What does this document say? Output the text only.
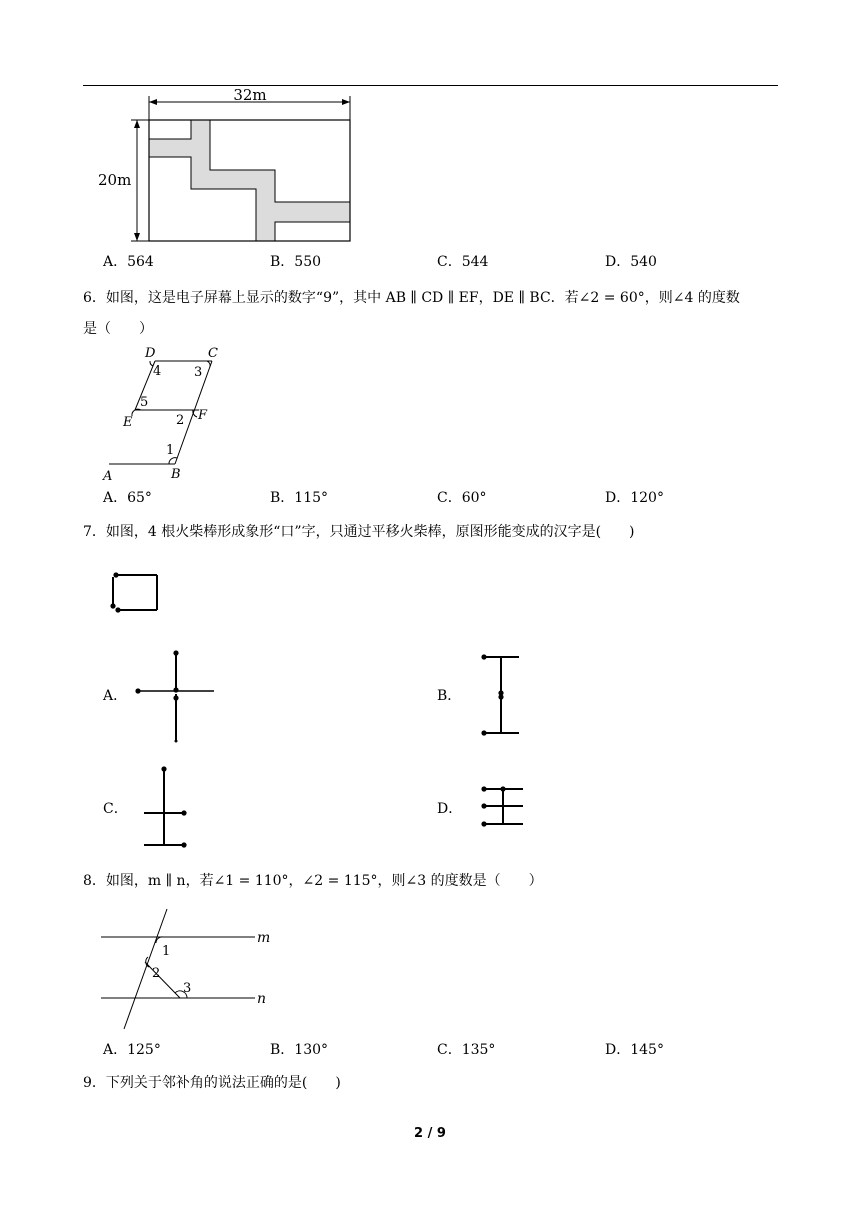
32m
20m
A．564	B．550	C．544	D．540
6．如图，这是电子屏幕上显示的数字“9”，其中 AB ∥ CD ∥ EF，DE ∥ BC．若∠2 = 60°，则∠4 的度数
是（　　）
D	C
E	F
A	B
4	3
5
2
1
A．65°	B．115°	C．60°	D．120°
7．如图，4 根火柴棒形成象形“口”字，只通过平移火柴棒，原图形能变成的汉字是(　　)
A．	B．
C．	D．
8．如图，m ∥ n，若∠1 = 110°，∠2 = 115°，则∠3 的度数是（　　）
m
n
1
2
3
A．125°	B．130°	C．135°	D．145°
9．下列关于邻补角的说法正确的是(　　)
2 / 9
